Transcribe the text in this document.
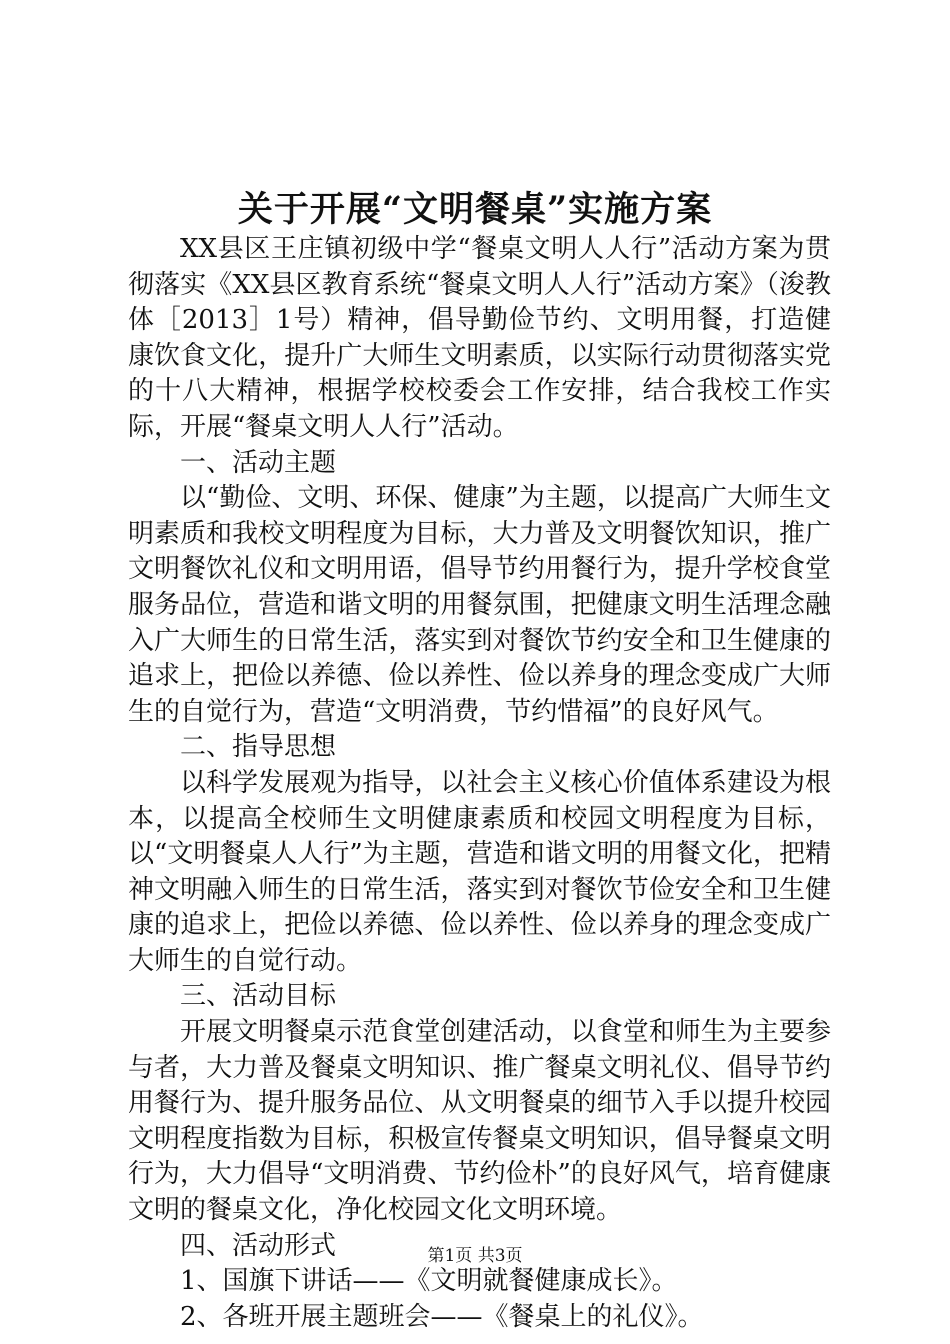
关于开展“文明餐桌”实施方案

XX县区王庄镇初级中学“餐桌文明人人行”活动方案为贯彻落实《XX县区教育系统“餐桌文明人人行”活动方案》（浚教体［2013］1号）精神，倡导勤俭节约、文明用餐，打造健康饮食文化，提升广大师生文明素质，以实际行动贯彻落实党的十八大精神，根据学校校委会工作安排，结合我校工作实际，开展“餐桌文明人人行”活动。

一、活动主题

以“勤俭、文明、环保、健康”为主题，以提高广大师生文明素质和我校文明程度为目标，大力普及文明餐饮知识，推广文明餐饮礼仪和文明用语，倡导节约用餐行为，提升学校食堂服务品位，营造和谐文明的用餐氛围，把健康文明生活理念融入广大师生的日常生活，落实到对餐饮节约安全和卫生健康的追求上，把俭以养德、俭以养性、俭以养身的理念变成广大师生的自觉行为，营造“文明消费，节约惜福”的良好风气。

二、指导思想

以科学发展观为指导，以社会主义核心价值体系建设为根本，以提高全校师生文明健康素质和校园文明程度为目标，以“文明餐桌人人行”为主题，营造和谐文明的用餐文化，把精神文明融入师生的日常生活，落实到对餐饮节俭安全和卫生健康的追求上，把俭以养德、俭以养性、俭以养身的理念变成广大师生的自觉行动。

三、活动目标

开展文明餐桌示范食堂创建活动，以食堂和师生为主要参与者，大力普及餐桌文明知识、推广餐桌文明礼仪、倡导节约用餐行为、提升服务品位、从文明餐桌的细节入手以提升校园文明程度指数为目标，积极宣传餐桌文明知识，倡导餐桌文明行为，大力倡导“文明消费、节约俭朴”的良好风气，培育健康文明的餐桌文化，净化校园文化文明环境。

四、活动形式

1、国旗下讲话——《文明就餐健康成长》。

2、各班开展主题班会——《餐桌上的礼仪》。

第1页 共3页
